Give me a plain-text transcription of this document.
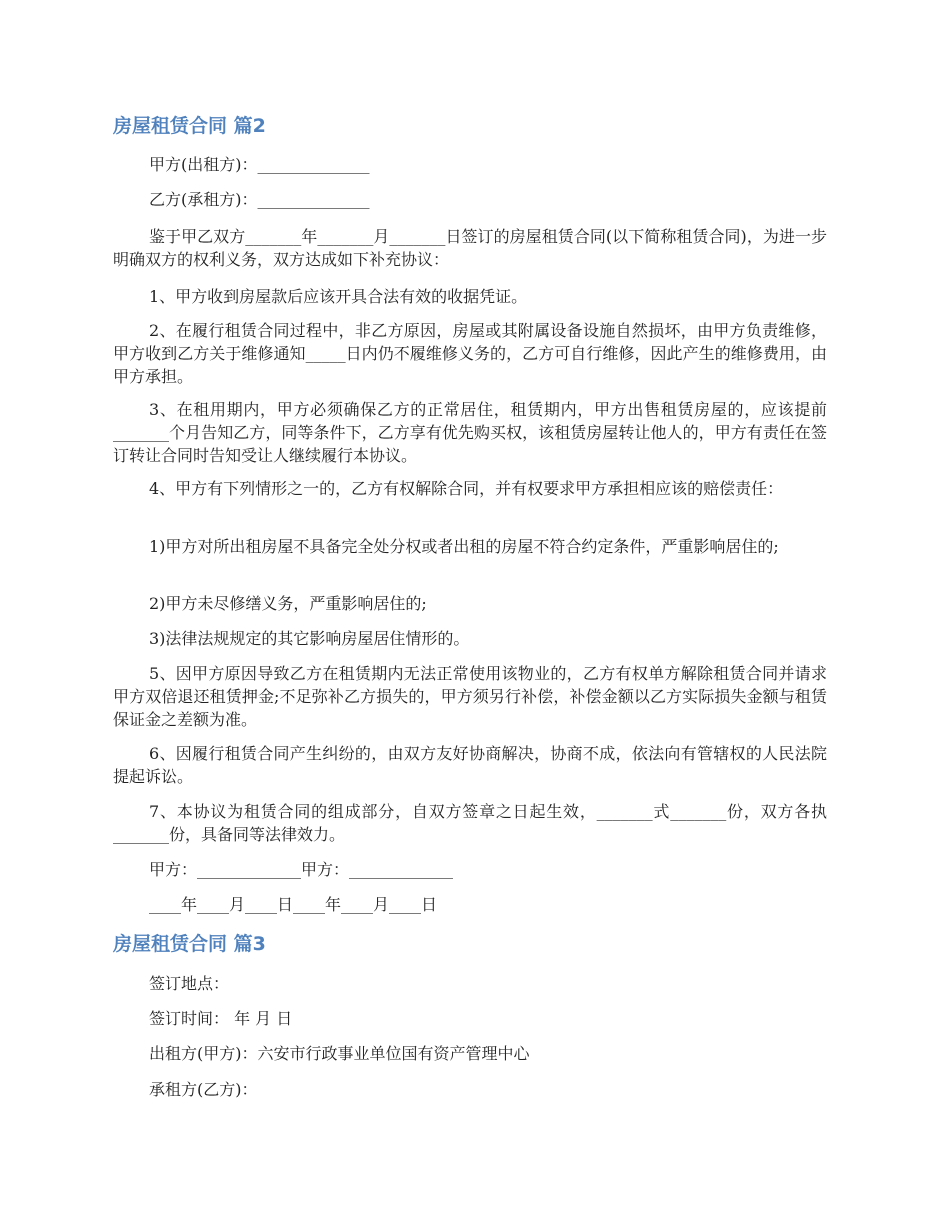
房屋租赁合同 篇2
甲方(出租方)：______________
乙方(承租方)：______________
鉴于甲乙双方_______年_______月_______日签订的房屋租赁合同(以下简称租赁合同)，为进一步明确双方的权利义务，双方达成如下补充协议：
1、甲方收到房屋款后应该开具合法有效的收据凭证。
2、在履行租赁合同过程中，非乙方原因，房屋或其附属设备设施自然损坏，由甲方负责维修，甲方收到乙方关于维修通知_____日内仍不履维修义务的，乙方可自行维修，因此产生的维修费用，由甲方承担。
3、在租用期内，甲方必须确保乙方的正常居住，租赁期内，甲方出售租赁房屋的，应该提前_______个月告知乙方，同等条件下，乙方享有优先购买权，该租赁房屋转让他人的，甲方有责任在签订转让合同时告知受让人继续履行本协议。
4、甲方有下列情形之一的，乙方有权解除合同，并有权要求甲方承担相应该的赔偿责任：
1)甲方对所出租房屋不具备完全处分权或者出租的房屋不符合约定条件，严重影响居住的;
2)甲方未尽修缮义务，严重影响居住的;
3)法律法规规定的其它影响房屋居住情形的。
5、因甲方原因导致乙方在租赁期内无法正常使用该物业的，乙方有权单方解除租赁合同并请求甲方双倍退还租赁押金;不足弥补乙方损失的，甲方须另行补偿，补偿金额以乙方实际损失金额与租赁保证金之差额为准。
6、因履行租赁合同产生纠纷的，由双方友好协商解决，协商不成，依法向有管辖权的人民法院提起诉讼。
7、本协议为租赁合同的组成部分，自双方签章之日起生效，_______式_______份，双方各执_______份，具备同等法律效力。
甲方：_____________甲方：_____________
____年____月____日____年____月____日
房屋租赁合同 篇3
签订地点：
签订时间： 年 月 日
出租方(甲方)：六安市行政事业单位国有资产管理中心
承租方(乙方)：
